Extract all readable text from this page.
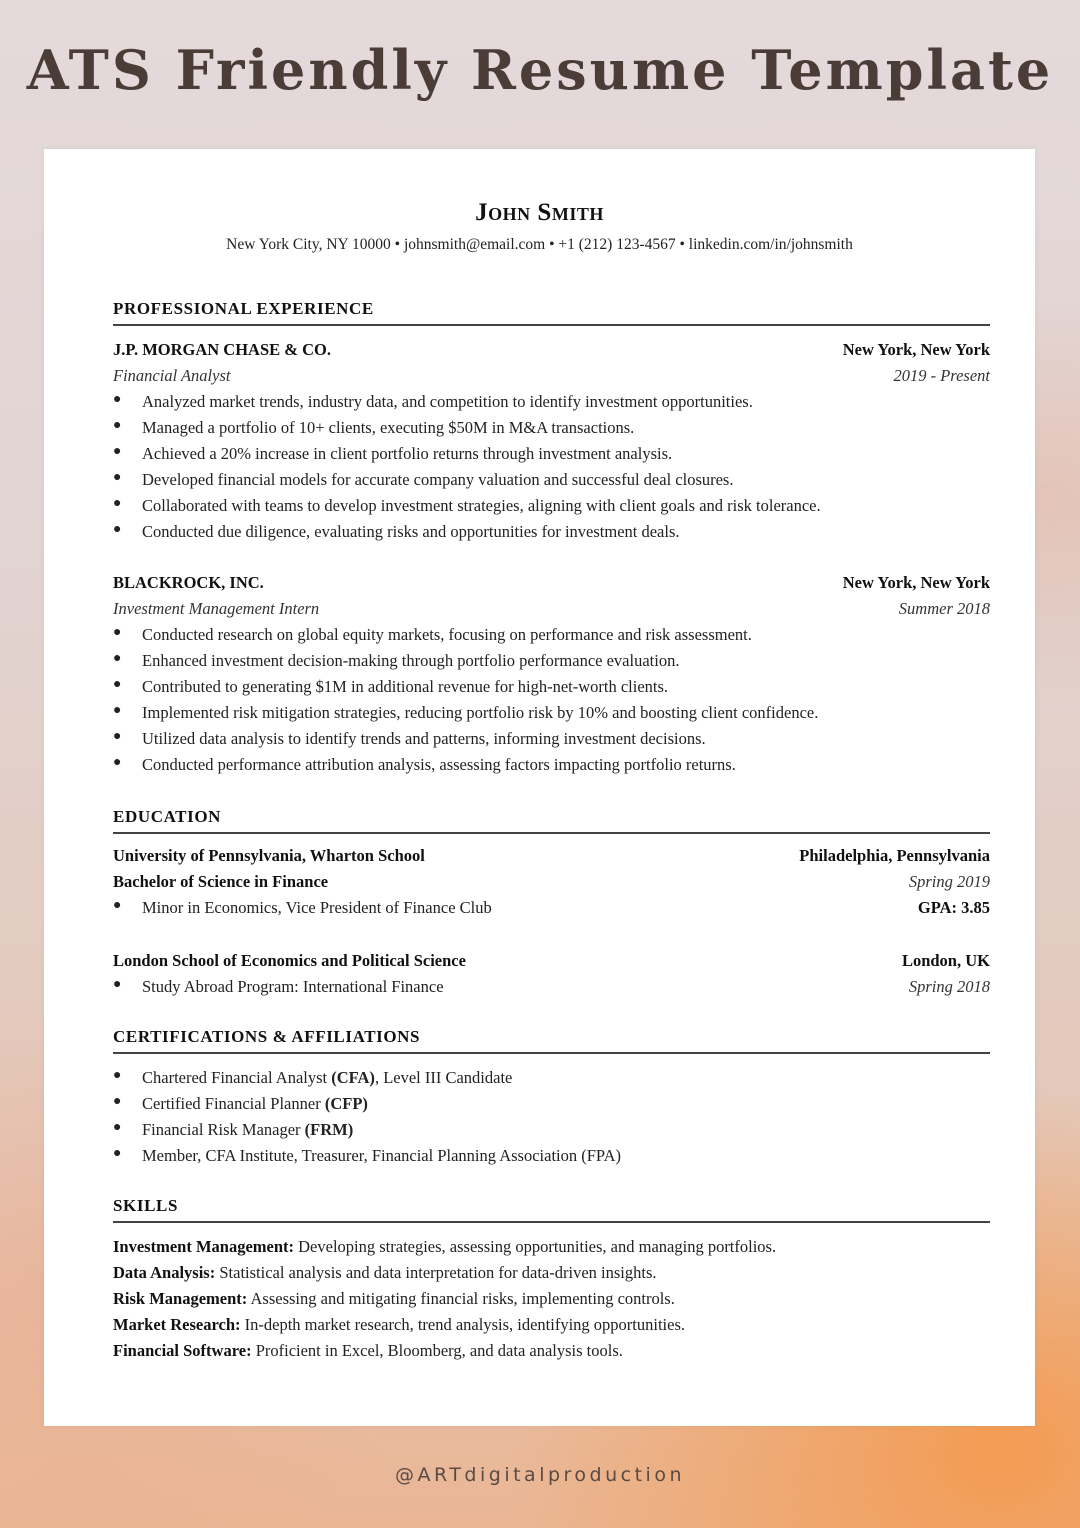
ATS Friendly Resume Template
John Smith
New York City, NY 10000 • johnsmith@email.com • +1 (212) 123-4567 • linkedin.com/in/johnsmith
PROFESSIONAL EXPERIENCE
J.P. MORGAN CHASE & CO.	New York, New York
Financial Analyst	2019 - Present
● Analyzed market trends, industry data, and competition to identify investment opportunities.
● Managed a portfolio of 10+ clients, executing $50M in M&A transactions.
● Achieved a 20% increase in client portfolio returns through investment analysis.
● Developed financial models for accurate company valuation and successful deal closures.
● Collaborated with teams to develop investment strategies, aligning with client goals and risk tolerance.
● Conducted due diligence, evaluating risks and opportunities for investment deals.
BLACKROCK, INC.	New York, New York
Investment Management Intern	Summer 2018
● Conducted research on global equity markets, focusing on performance and risk assessment.
● Enhanced investment decision-making through portfolio performance evaluation.
● Contributed to generating $1M in additional revenue for high-net-worth clients.
● Implemented risk mitigation strategies, reducing portfolio risk by 10% and boosting client confidence.
● Utilized data analysis to identify trends and patterns, informing investment decisions.
● Conducted performance attribution analysis, assessing factors impacting portfolio returns.
EDUCATION
University of Pennsylvania, Wharton School	Philadelphia, Pennsylvania
Bachelor of Science in Finance	Spring 2019
● Minor in Economics, Vice President of Finance Club	GPA: 3.85
London School of Economics and Political Science	London, UK
● Study Abroad Program: International Finance	Spring 2018
CERTIFICATIONS & AFFILIATIONS
● Chartered Financial Analyst (CFA), Level III Candidate
● Certified Financial Planner (CFP)
● Financial Risk Manager (FRM)
● Member, CFA Institute, Treasurer, Financial Planning Association (FPA)
SKILLS
Investment Management: Developing strategies, assessing opportunities, and managing portfolios.
Data Analysis: Statistical analysis and data interpretation for data-driven insights.
Risk Management: Assessing and mitigating financial risks, implementing controls.
Market Research: In-depth market research, trend analysis, identifying opportunities.
Financial Software: Proficient in Excel, Bloomberg, and data analysis tools.
@ARTdigitalproduction
